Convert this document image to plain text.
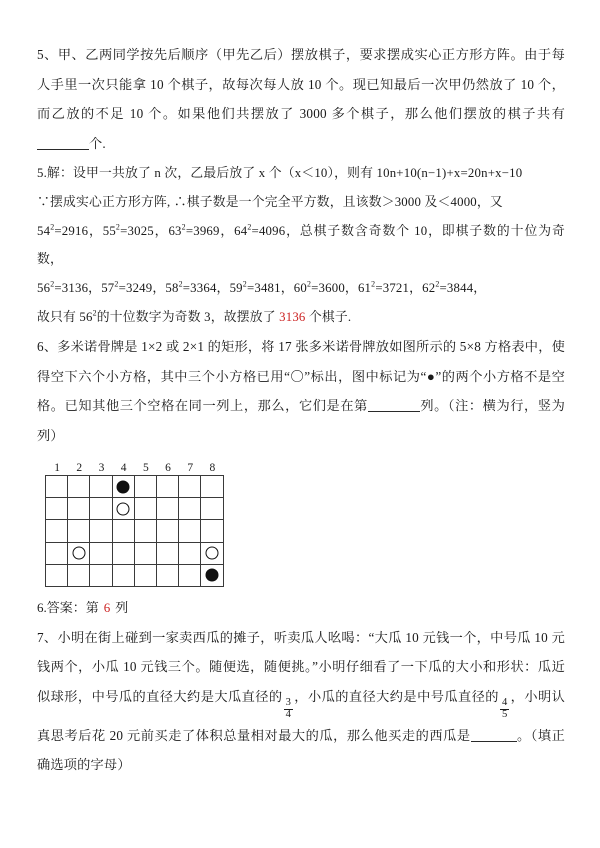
5、甲、乙两同学按先后顺序（甲先乙后）摆放棋子，要求摆成实心正方形方阵。由于每人手里一次只能拿 10 个棋子，故每次每人放 10 个。现已知最后一次甲仍然放了 10 个，而乙放的不足 10 个。如果他们共摆放了 3000 多个棋子，那么他们摆放的棋子共有个.

5.解：设甲一共放了 n 次，乙最后放了 x 个（x＜10），则有 10n+10(n−1)+x=20n+x−10

∵摆成实心正方形方阵, ∴棋子数是一个完全平方数，且该数＞3000 及＜4000，又

$54^2=2916$，$55^2=3025$，$63^2=3969$，$64^2=4096$，总棋子数含奇数个 10，即棋子数的十位为奇数，

$56^2=3136$，$57^2=3249$，$58^2=3364$，$59^2=3481$，$60^2=3600$，$61^2=3721$，$62^2=3844$，

故只有 $56^2$的十位数字为奇数 3，故摆放了 3136 个棋子.

6、多米诺骨牌是 1×2 或 2×1 的矩形，将 17 张多米诺骨牌放如图所示的 5×8 方格表中，使得空下六个小方格，其中三个小方格已用“〇”标出，图中标记为“●”的两个小方格不是空格。已知其他三个空格在同一列上，那么，它们是在第	列。（注：横为行，竖为列）

1	2	3	4	5	6	7	8

6.答案：第 6 列

7、小明在街上碰到一家卖西瓜的摊子，听卖瓜人吆喝：“大瓜 10 元钱一个，中号瓜 10 元钱两个，小瓜 10 元钱三个。随便选，随便挑。”小明仔细看了一下瓜的大小和形状：瓜近似球形，中号瓜的直径大约是大瓜直径的
$\frac{3}{4}$
，小瓜的直径大约是中号瓜直径的
$\frac{4}{5}$
，小明认真思考后花 20 元前买走了体积总量相对最大的瓜，那么他买走的西瓜是	。（填正确选项的字母）
